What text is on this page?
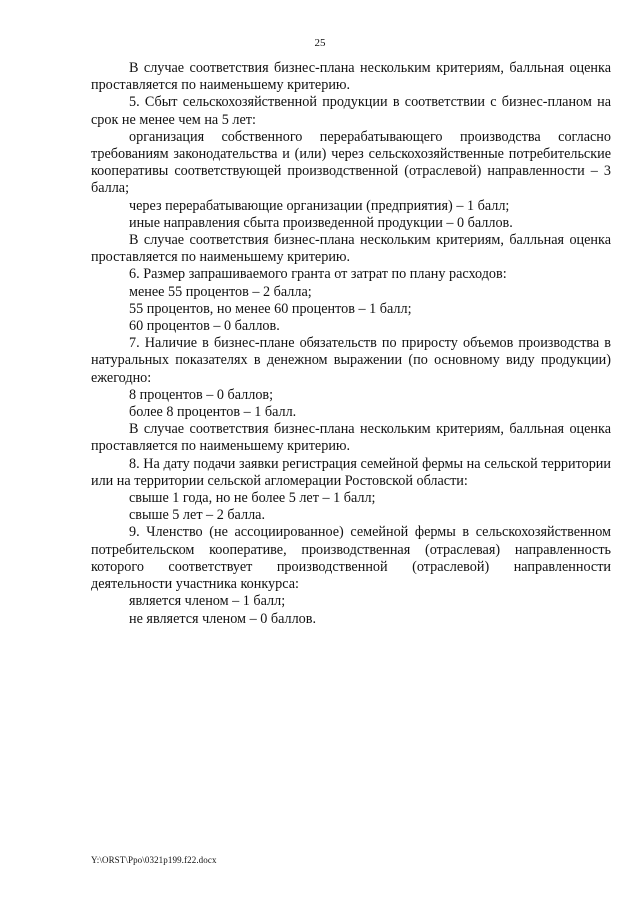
25

В случае соответствия бизнес-плана нескольким критериям, балльная оценка проставляется по наименьшему критерию.

5. Сбыт сельскохозяйственной продукции в соответствии с бизнес-планом на срок не менее чем на 5 лет:

организация собственного перерабатывающего производства согласно требованиям законодательства и (или) через сельскохозяйственные потребительские кооперативы соответствующей производственной (отраслевой) направленности – 3 балла;

через перерабатывающие организации (предприятия) – 1 балл;

иные направления сбыта произведенной продукции – 0 баллов.

В случае соответствия бизнес-плана нескольким критериям, балльная оценка проставляется по наименьшему критерию.

6. Размер запрашиваемого гранта от затрат по плану расходов:

менее 55 процентов – 2 балла;

55 процентов, но менее 60 процентов – 1 балл;

60 процентов – 0 баллов.

7. Наличие в бизнес-плане обязательств по приросту объемов производства в натуральных показателях в денежном выражении (по основному виду продукции) ежегодно:

8 процентов – 0 баллов;

более 8 процентов – 1 балл.

В случае соответствия бизнес-плана нескольким критериям, балльная оценка проставляется по наименьшему критерию.

8. На дату подачи заявки регистрация семейной фермы на сельской территории или на территории сельской агломерации Ростовской области:

свыше 1 года, но не более 5 лет – 1 балл;

свыше 5 лет – 2 балла.

9. Членство (не ассоциированное) семейной фермы в сельскохозяйственном потребительском кооперативе, производственная (отраслевая) направленность которого соответствует производственной (отраслевой) направленности деятельности участника конкурса:

является членом – 1 балл;

не является членом – 0 баллов.

Y:\ORST\Ppo\0321p199.f22.docx
